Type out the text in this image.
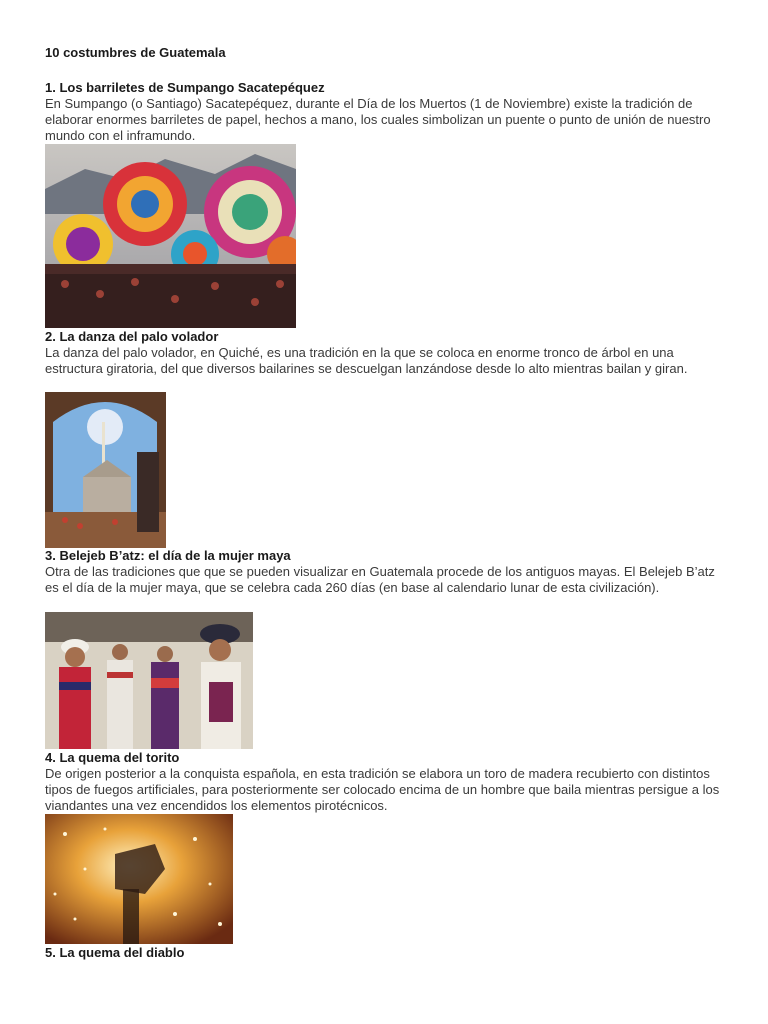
10 costumbres de Guatemala
1. Los barriletes de Sumpango Sacatepéquez

En Sumpango (o Santiago) Sacatepéquez, durante el Día de los Muertos (1 de Noviembre) existe la tradición de elaborar enormes barriletes de papel, hechos a mano, los cuales simbolizan un puente o punto de unión de nuestro mundo con el inframundo.

2. La danza del palo volador

La danza del palo volador, en Quiché, es una tradición en la que se coloca en enorme tronco de árbol en una estructura giratoria, del que diversos bailarines se descuelgan lanzándose desde lo alto mientras bailan y giran.

3. Belejeb B’atz: el día de la mujer maya

Otra de las tradiciones que que se pueden visualizar en Guatemala procede de los antiguos mayas. El Belejeb B’atz es el día de la mujer maya, que se celebra cada 260 días (en base al calendario lunar de esta civilización).

4. La quema del torito

De origen posterior a la conquista española, en esta tradición se elabora un toro de madera recubierto con distintos tipos de fuegos artificiales, para posteriormente ser colocado encima de un hombre que baila mientras persigue a los viandantes una vez encendidos los elementos pirotécnicos.

5. La quema del diablo
